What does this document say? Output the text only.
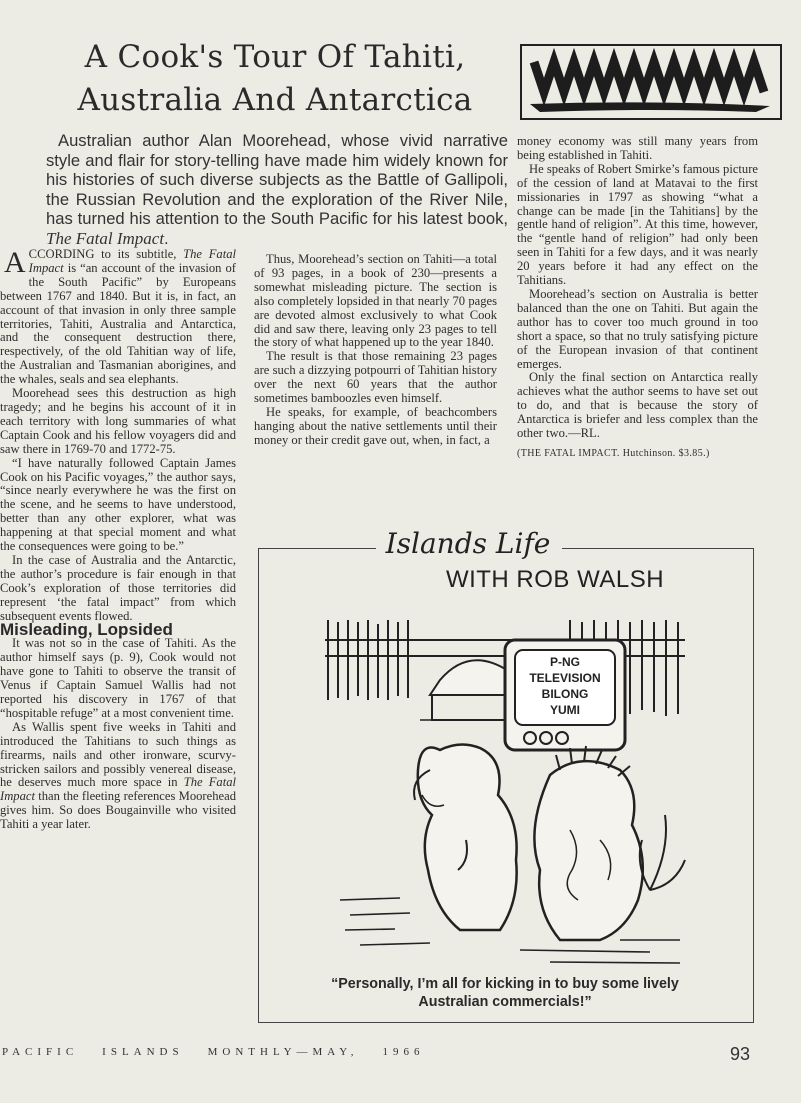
A Cook's Tour Of Tahiti,
Australia And Antarctica
Australian author Alan Moorehead, whose vivid narrative style and flair for story-telling have made him widely known for his histories of such diverse subjects as the Battle of Gallipoli, the Russian Revolution and the exploration of the River Nile, has turned his attention to the South Pacific for his latest book, The Fatal Impact.

ACCORDING to its subtitle, The Fatal Impact is “an account of the invasion of the South Pacific” by Europeans between 1767 and 1840. But it is, in fact, an account of that invasion in only three sample territories, Tahiti, Australia and Antarctica, and the consequent destruction there, respectively, of the old Tahitian way of life, the Australian and Tasmanian aborigines, and the whales, seals and sea elephants.

Moorehead sees this destruction as high tragedy; and he begins his account of it in each territory with long summaries of what Captain Cook and his fellow voyagers did and saw there in 1769-70 and 1772-75.

“I have naturally followed Captain James Cook on his Pacific voyages,” the author says, “since nearly everywhere he was the first on the scene, and he seems to have understood, better than any other explorer, what was happening at that special moment and what the consequences were going to be.”

In the case of Australia and the Antarctic, the author’s procedure is fair enough in that Cook’s exploration of those territories did represent ‘the fatal impact” from which subsequent events flowed.

Misleading, Lopsided

It was not so in the case of Tahiti. As the author himself says (p. 9), Cook would not have gone to Tahiti to observe the transit of Venus if Captain Samuel Wallis had not reported his discovery in 1767 of that “hospitable refuge” at a most convenient time.

As Wallis spent five weeks in Tahiti and introduced the Tahitians to such things as firearms, nails and other ironware, scurvy-stricken sailors and possibly venereal disease, he deserves much more space in The Fatal Impact than the fleeting references Moorehead gives him. So does Bougainville who visited Tahiti a year later.

Thus, Moorehead’s section on Tahiti—a total of 93 pages, in a book of 230—presents a somewhat misleading picture. The section is also completely lopsided in that nearly 70 pages are devoted almost exclusively to what Cook did and saw there, leaving only 23 pages to tell the story of what happened up to the year 1840.

The result is that those remaining 23 pages are such a dizzying potpourri of Tahitian history over the next 60 years that the author sometimes bamboozles even himself.

He speaks, for example, of beachcombers hanging about the native settlements until their money or their credit gave out, when, in fact, a

money economy was still many years from being established in Tahiti.

He speaks of Robert Smirke’s famous picture of the cession of land at Matavai to the first missionaries in 1797 as showing “what a change can be made [in the Tahitians] by the gentle hand of religion”. At this time, however, the “gentle hand of religion” had only been seen in Tahiti for a few days, and it was nearly 20 years before it had any effect on the Tahitians.

Moorehead’s section on Australia is better balanced than the one on Tahiti. But again the author has to cover too much ground in too short a space, so that no truly satisfying picture of the European invasion of that continent emerges.

Only the final section on Antarctica really achieves what the author seems to have set out to do, and that is because the story of Antarctica is briefer and less complex than the other two.—RL.

(THE FATAL IMPACT. Hutchinson. $3.85.)

Islands Life
WITH ROB WALSH
P-NG
TELEVISION
BILONG
YUMI
“Personally, I’m all for kicking in to buy some lively
Australian commercials!”
PACIFIC ISLANDS MONTHLY—MAY, 1966	93
